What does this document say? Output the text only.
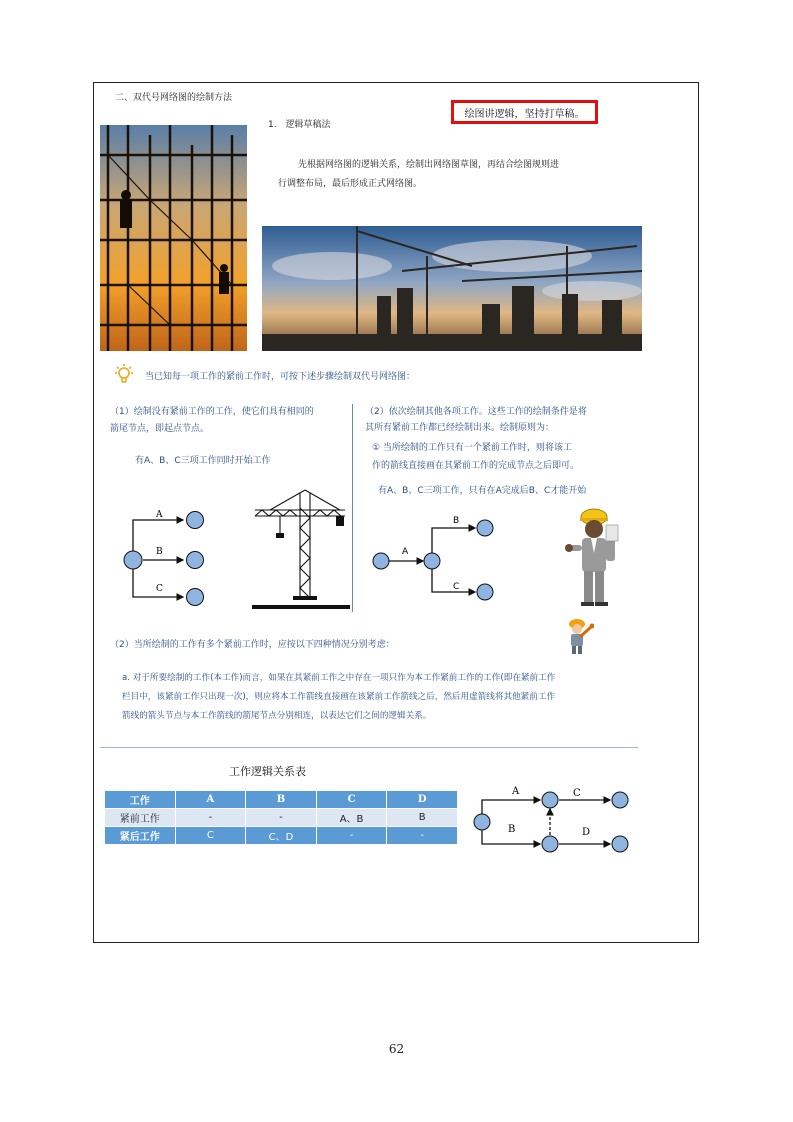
二、双代号网络图的绘制方法
绘图讲逻辑，坚持打草稿。
1. 逻辑草稿法
先根据网络图的逻辑关系，绘制出网络图草图，再结合绘图规则进
行调整布局，最后形成正式网络图。
当已知每一项工作的紧前工作时，可按下述步骤绘制双代号网络图：
（1）绘制没有紧前工作的工作，使它们具有相同的
箭尾节点，即起点节点。
有A、B、C三项工作同时开始工作
（2）依次绘制其他各项工作。这些工作的绘制条件是将
其所有紧前工作都已经绘制出来。绘制原则为：
① 当所绘制的工作只有一个紧前工作时，则将该工
作的箭线直接画在其紧前工作的完成节点之后即可。
有A、B、C三项工作，只有在A完成后B、C才能开始
A
B
C
A
B
C
（2）当所绘制的工作有多个紧前工作时，应按以下四种情况分别考虑：
a. 对于所要绘制的工作(本工作)而言，如果在其紧前工作之中存在一项只作为本工作紧前工作的工作(即在紧前工作
栏目中，该紧前工作只出现一次)，则应将本工作箭线直接画在该紧前工作箭线之后，然后用虚箭线将其他紧前工作
箭线的箭头节点与本工作箭线的箭尾节点分别相连，以表达它们之间的逻辑关系。
工作逻辑关系表
工作	A	B	C	D
紧前工作	-	-	A、B	B
紧后工作	C	C、D	-	-
A
B
C
D
62
